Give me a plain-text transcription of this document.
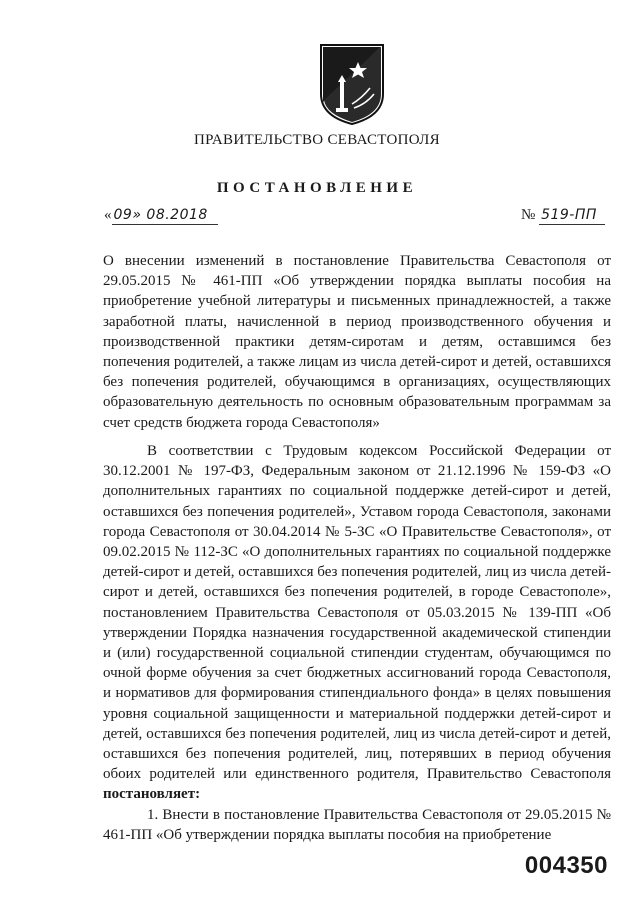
ПРАВИТЕЛЬСТВО СЕВАСТОПОЛЯ
ПОСТАНОВЛЕНИЕ
« 09» 08.2018	№ 519-ПП
О внесении изменений в постановление Правительства Севастополя от 29.05.2015 № 461-ПП «Об утверждении порядка выплаты пособия на приобретение учебной литературы и письменных принадлежностей, а также заработной платы, начисленной в период производственного обучения и производственной практики детям-сиротам и детям, оставшимся без попечения родителей, а также лицам из числа детей-сирот и детей, оставшихся без попечения родителей, обучающимся в организациях, осуществляющих образовательную деятельность по основным образовательным программам за счет средств бюджета города Севастополя»
В соответствии с Трудовым кодексом Российской Федерации от 30.12.2001 № 197-ФЗ, Федеральным законом от 21.12.1996 № 159-ФЗ «О дополнительных гарантиях по социальной поддержке детей-сирот и детей, оставшихся без попечения родителей», Уставом города Севастополя, законами города Севастополя от 30.04.2014 № 5-ЗС «О Правительстве Севастополя», от 09.02.2015 № 112-ЗС «О дополнительных гарантиях по социальной поддержке детей-сирот и детей, оставшихся без попечения родителей, лиц из числа детей-сирот и детей, оставшихся без попечения родителей, в городе Севастополе», постановлением Правительства Севастополя от 05.03.2015 № 139-ПП «Об утверждении Порядка назначения государственной академической стипендии и (или) государственной социальной стипендии студентам, обучающимся по очной форме обучения за счет бюджетных ассигнований города Севастополя, и нормативов для формирования стипендиального фонда» в целях повышения уровня социальной защищенности и материальной поддержки детей-сирот и детей, оставшихся без попечения родителей, лиц из числа детей-сирот и детей, оставшихся без попечения родителей, лиц, потерявших в период обучения обоих родителей или единственного родителя, Правительство Севастополя постановляет:
1. Внести в постановление Правительства Севастополя от 29.05.2015 № 461-ПП «Об утверждении порядка выплаты пособия на приобретение
004350
